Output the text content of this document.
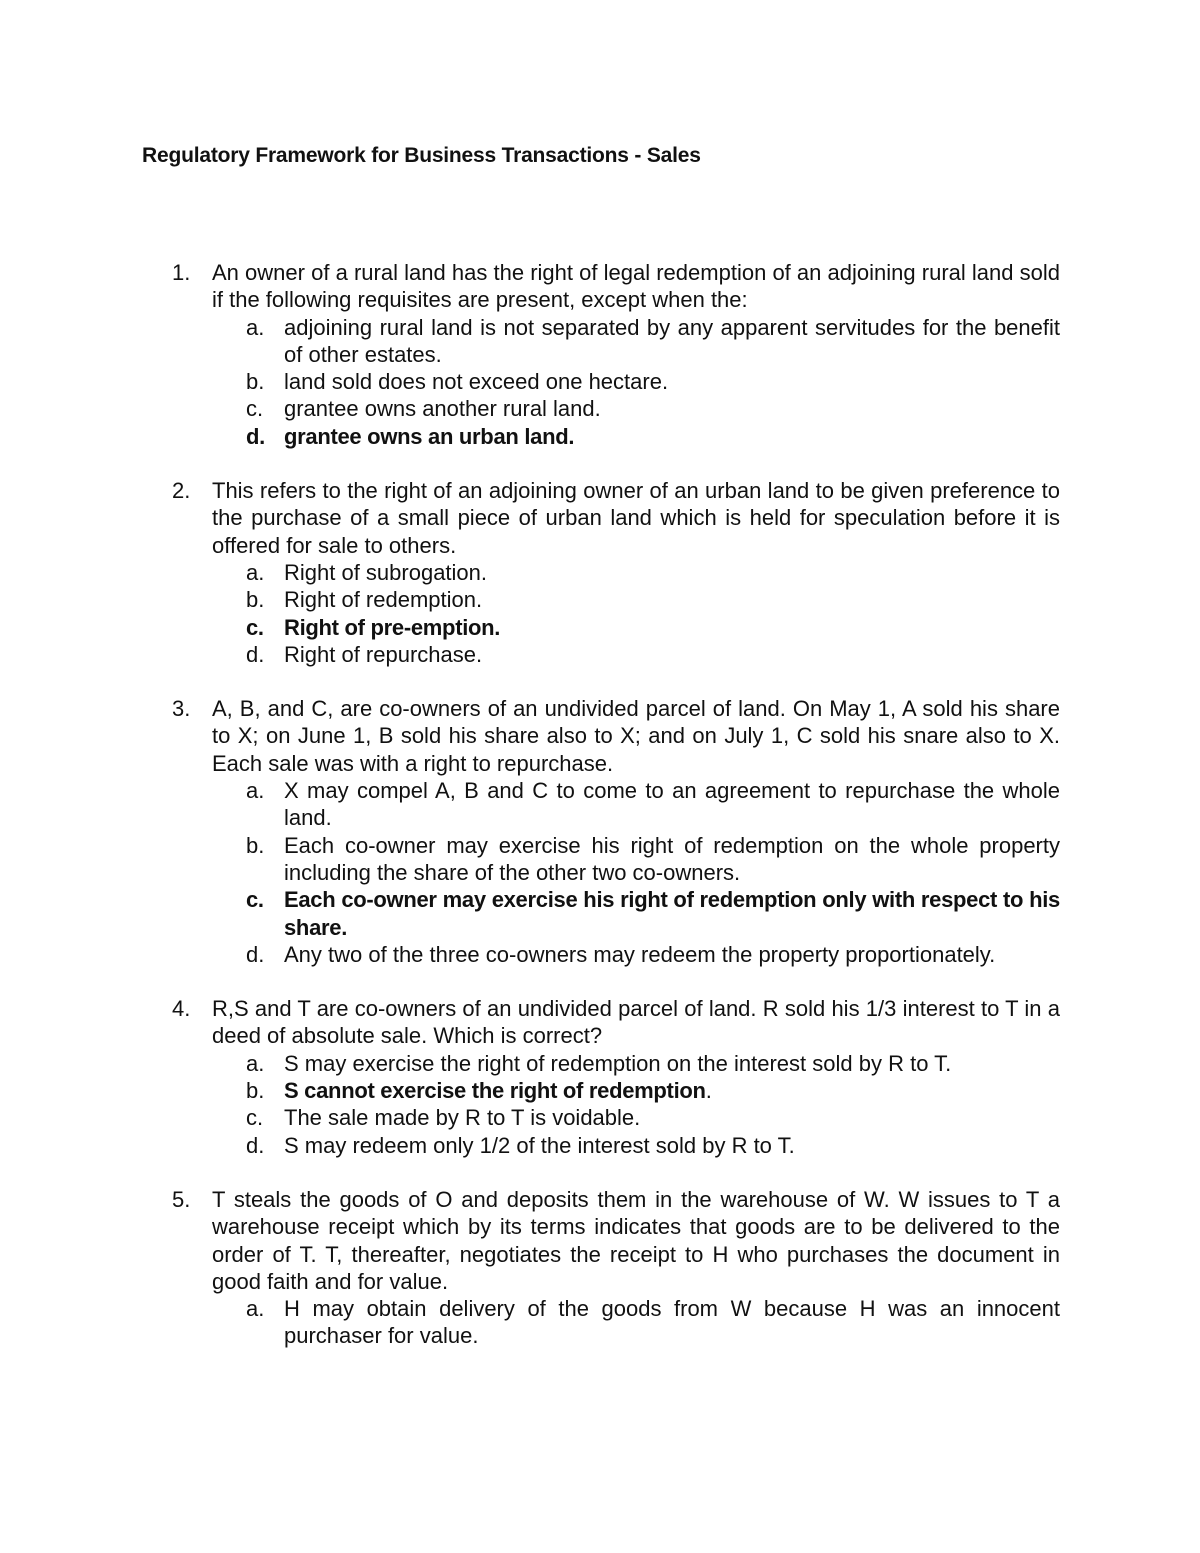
Regulatory Framework for Business Transactions - Sales
1. An owner of a rural land has the right of legal redemption of an adjoining rural land sold if the following requisites are present, except when the:
a. adjoining rural land is not separated by any apparent servitudes for the benefit of other estates.
b. land sold does not exceed one hectare.
c. grantee owns another rural land.
d. grantee owns an urban land.
2. This refers to the right of an adjoining owner of an urban land to be given preference to the purchase of a small piece of urban land which is held for speculation before it is offered for sale to others.
a. Right of subrogation.
b. Right of redemption.
c. Right of pre-emption.
d. Right of repurchase.
3. A, B, and C, are co-owners of an undivided parcel of land. On May 1, A sold his share to X; on June 1, B sold his share also to X; and on July 1, C sold his snare also to X. Each sale was with a right to repurchase.
a. X may compel A, B and C to come to an agreement to repurchase the whole land.
b. Each co-owner may exercise his right of redemption on the whole property including the share of the other two co-owners.
c. Each co-owner may exercise his right of redemption only with respect to his share.
d. Any two of the three co-owners may redeem the property proportionately.
4. R,S and T are co-owners of an undivided parcel of land. R sold his 1/3 interest to T in a deed of absolute sale. Which is correct?
a. S may exercise the right of redemption on the interest sold by R to T.
b. S cannot exercise the right of redemption.
c. The sale made by R to T is voidable.
d. S may redeem only 1/2 of the interest sold by R to T.
5. T steals the goods of O and deposits them in the warehouse of W. W issues to T a warehouse receipt which by its terms indicates that goods are to be delivered to the order of T. T, thereafter, negotiates the receipt to H who purchases the document in good faith and for value.
a. H may obtain delivery of the goods from W because H was an innocent purchaser for value.
